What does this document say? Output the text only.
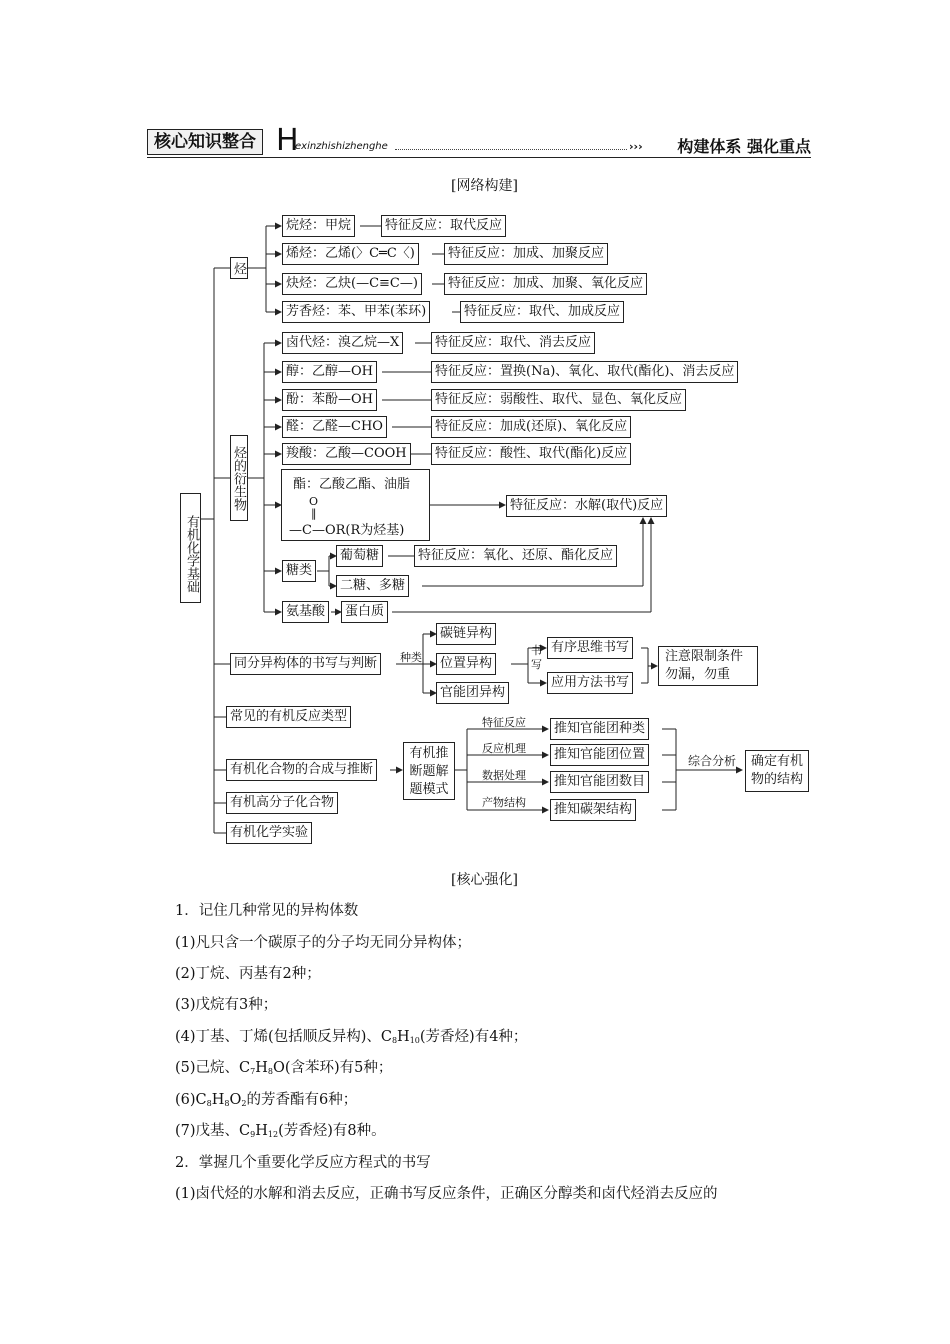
核心知识整合 H
exinzhishizhenghe	››› 构建体系 强化重点
[网络构建]
有机化学基础
烃
烷烃：甲烷	特征反应：取代反应
烯烃：乙烯(〉C═C〈)	特征反应：加成、加聚反应
炔烃：乙炔(—C≡C—)	特征反应：加成、加聚、氧化反应
芳香烃：苯、甲苯(苯环)	特征反应：取代、加成反应
烃的衍生物
卤代烃：溴乙烷—X	特征反应：取代、消去反应
醇：乙醇—OH	特征反应：置换(Na)、氧化、取代(酯化)、消去反应
酚：苯酚—OH	特征反应：弱酸性、取代、显色、氧化反应
醛：乙醛—CHO	特征反应：加成(还原)、氧化反应
羧酸：乙酸—COOH	特征反应：酸性、取代(酯化)反应
酯：乙酸乙酯、油脂
O
‖
—C—OR(R为烃基)
特征反应：水解(取代)反应
糖类
葡萄糖	特征反应：氧化、还原、酯化反应
二糖、多糖
氨基酸	蛋白质
同分异构体的书写与判断	种类
碳链异构
位置异构
官能团异构
书写
有序思维书写
应用方法书写
注意限制条件勿漏，勿重
常见的有机反应类型
有机化合物的合成与推断
有机高分子化合物
有机化学实验
有机推断题解题模式
特征反应
反应机理
数据处理
产物结构
推知官能团种类
推知官能团位置
推知官能团数目
推知碳架结构
综合分析	确定有机物的结构
[核心强化]
1．记住几种常见的异构体数
(1)凡只含一个碳原子的分子均无同分异构体；
(2)丁烷、丙基有2种；
(3)戊烷有3种；
(4)丁基、丁烯(包括顺反异构)、$C_8H_{10}$(芳香烃)有4种；
(5)己烷、$C_7H_8O$(含苯环)有5种；
$(6)C_8H_8O_2$的芳香酯有6种；
(7)戊基、$C_9H_{12}$(芳香烃)有8种。
2．掌握几个重要化学反应方程式的书写
(1)卤代烃的水解和消去反应，正确书写反应条件，正确区分醇类和卤代烃消去反应的
